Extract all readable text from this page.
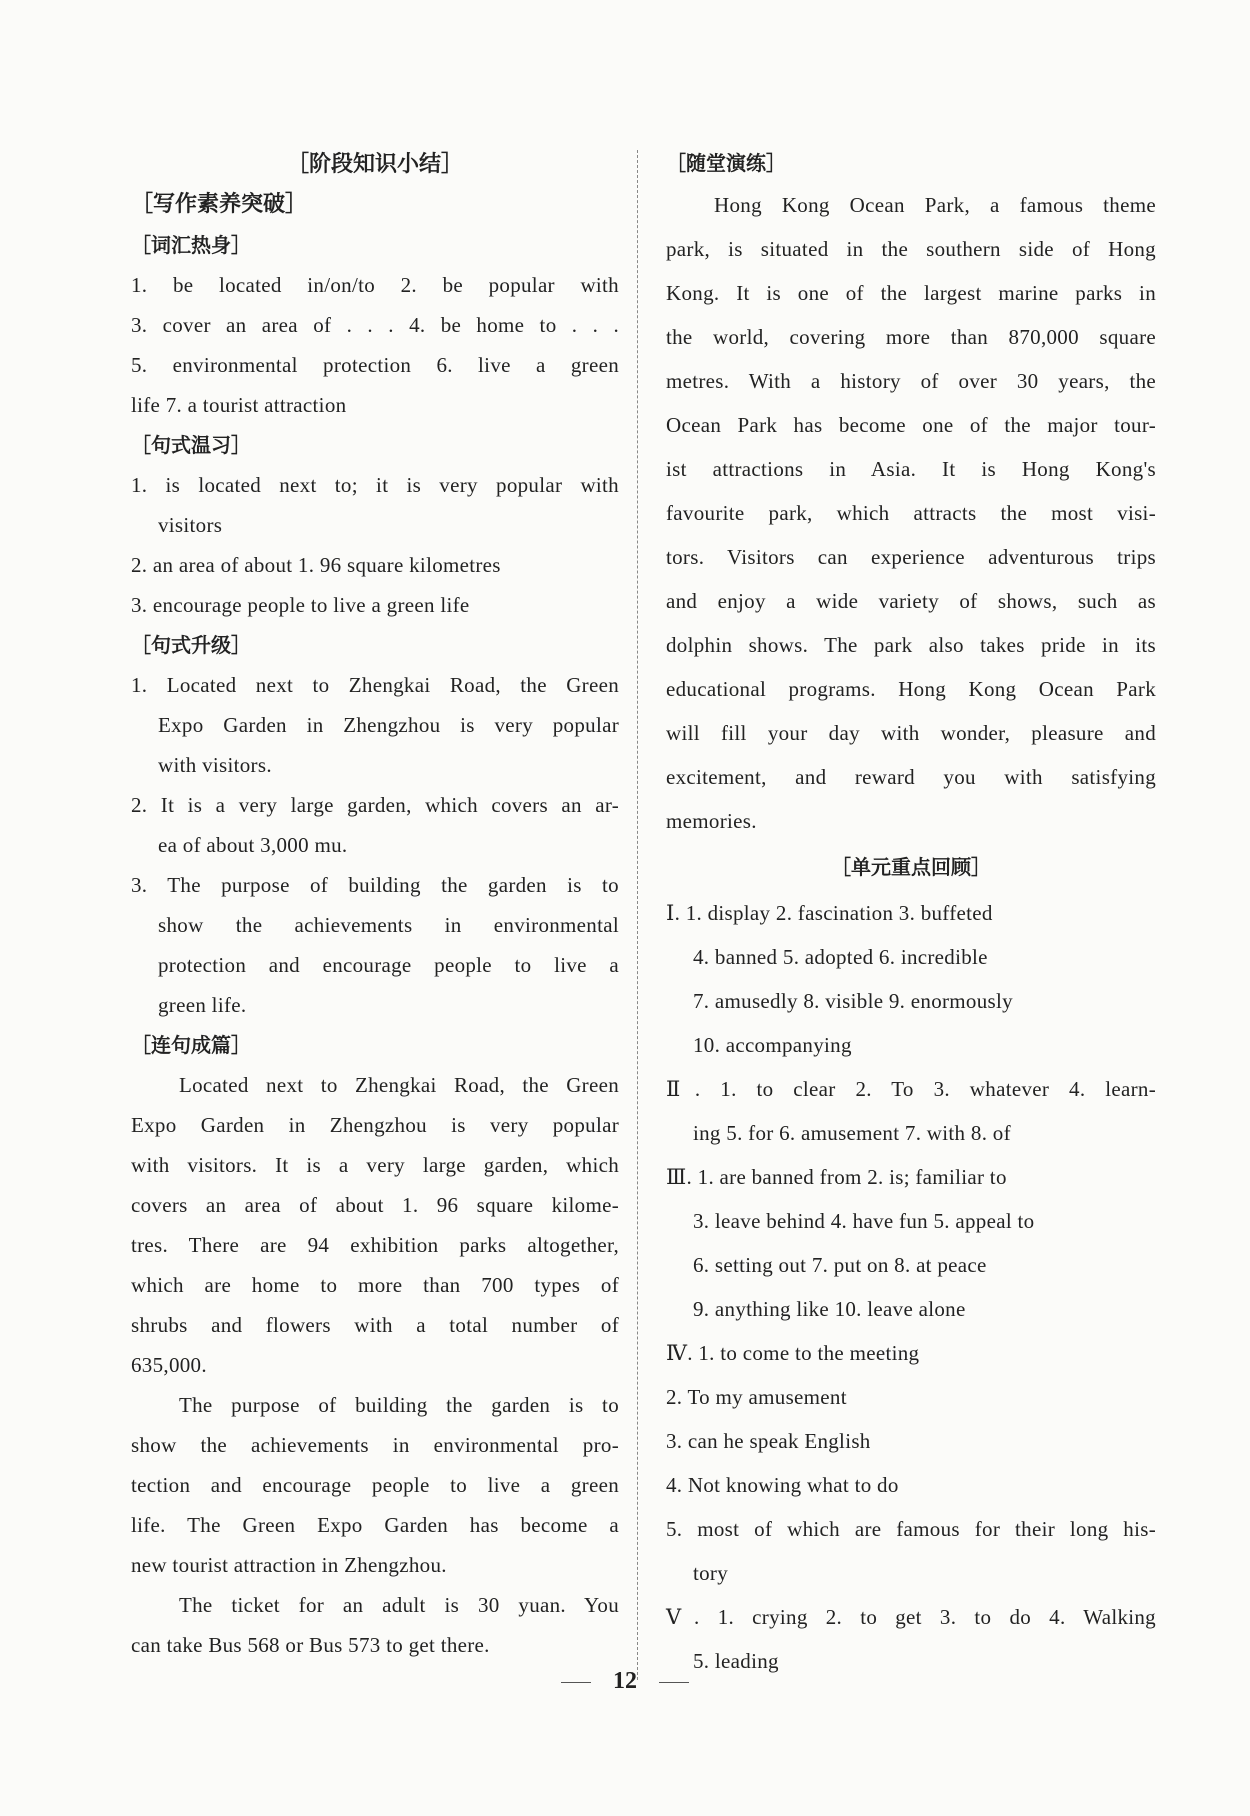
［阶段知识小结］
［写作素养突破］
［词汇热身］
1. be located in/on/to 2. be popular with
3. cover an area of . . . 4. be home to . . .
5. environmental protection 6. live a green
life 7. a tourist attraction
［句式温习］
1. is located next to; it is very popular with
visitors
2. an area of about 1. 96 square kilometres
3. encourage people to live a green life
［句式升级］
1. Located next to Zhengkai Road, the Green
Expo Garden in Zhengzhou is very popular
with visitors.
2. It is a very large garden, which covers an ar-
ea of about 3,000 mu.
3. The purpose of building the garden is to
show the achievements in environmental
protection and encourage people to live a
green life.
［连句成篇］
Located next to Zhengkai Road, the Green
Expo Garden in Zhengzhou is very popular
with visitors. It is a very large garden, which
covers an area of about 1. 96 square kilome-
tres. There are 94 exhibition parks altogether,
which are home to more than 700 types of
shrubs and flowers with a total number of
635,000.
The purpose of building the garden is to
show the achievements in environmental pro-
tection and encourage people to live a green
life. The Green Expo Garden has become a
new tourist attraction in Zhengzhou.
The ticket for an adult is 30 yuan. You
can take Bus 568 or Bus 573 to get there.
［随堂演练］
Hong Kong Ocean Park, a famous theme
park, is situated in the southern side of Hong
Kong. It is one of the largest marine parks in
the world, covering more than 870,000 square
metres. With a history of over 30 years, the
Ocean Park has become one of the major tour-
ist attractions in Asia. It is Hong Kong's
favourite park, which attracts the most visi-
tors. Visitors can experience adventurous trips
and enjoy a wide variety of shows, such as
dolphin shows. The park also takes pride in its
educational programs. Hong Kong Ocean Park
will fill your day with wonder, pleasure and
excitement, and reward you with satisfying
memories.
［单元重点回顾］
Ⅰ. 1. display 2. fascination 3. buffeted
4. banned 5. adopted 6. incredible
7. amusedly 8. visible 9. enormously
10. accompanying
Ⅱ. 1. to clear 2. To 3. whatever 4. learn-
ing 5. for 6. amusement 7. with 8. of
Ⅲ. 1. are banned from 2. is; familiar to
3. leave behind 4. have fun 5. appeal to
6. setting out 7. put on 8. at peace
9. anything like 10. leave alone
Ⅳ. 1. to come to the meeting
2. To my amusement
3. can he speak English
4. Not knowing what to do
5. most of which are famous for their long his-
tory
Ⅴ. 1. crying 2. to get 3. to do 4. Walking
5. leading
12
